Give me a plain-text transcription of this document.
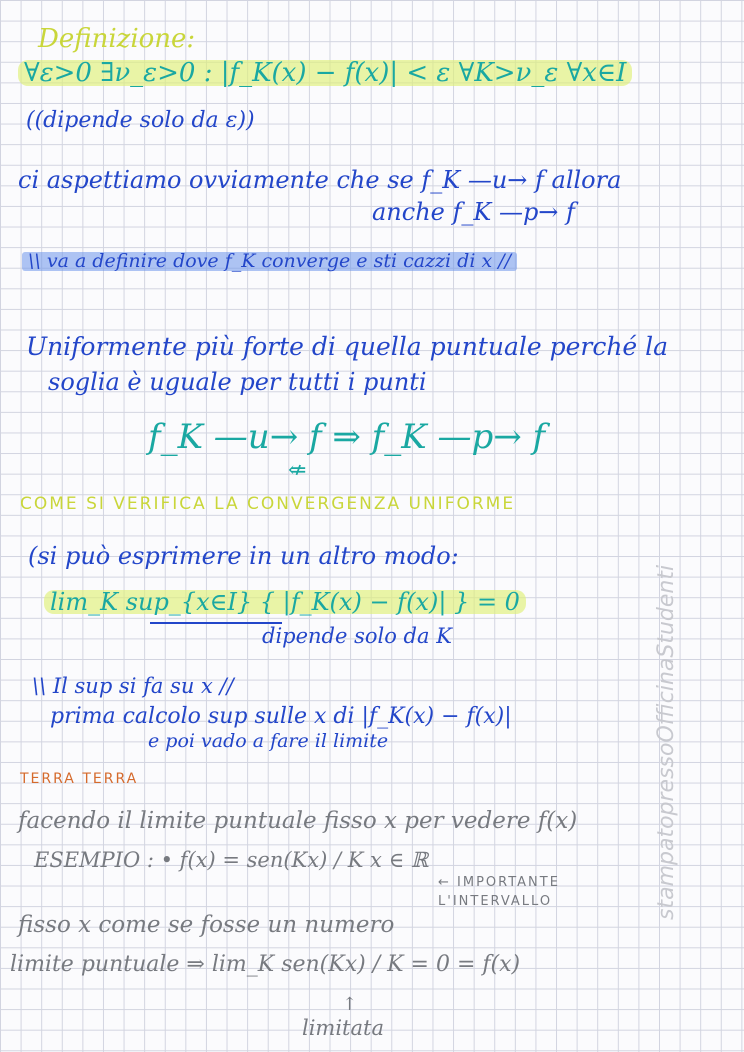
Definizione:
∀ε>0 ∃ν_ε>0 : |f_K(x) − f(x)| < ε ∀K>ν_ε ∀x∈I
((dipende solo da ε))
ci aspettiamo ovviamente che se f_K —u→ f allora
anche f_K —p→ f
\\ va a definire dove f_K converge e sti cazzi di x //
Uniformente più forte di quella puntuale perché la
soglia è uguale per tutti i punti
f_K —u→ f ⇒ f_K —p→ f
⇍
COME SI VERIFICA LA CONVERGENZA UNIFORME
(si può esprimere in un altro modo:
lim_K sup_{x∈I} { |f_K(x) − f(x)| } = 0
dipende solo da K
\\ Il sup si fa su x //
prima calcolo sup sulle x di |f_K(x) − f(x)|
e poi vado a fare il limite
TERRA TERRA
facendo il limite puntuale fisso x per vedere f(x)
ESEMPIO : • f(x) = sen(Kx) / K x ∈ ℝ
← IMPORTANTE
L'INTERVALLO
fisso x come se fosse un numero
limite puntuale ⇒ lim_K sen(Kx) / K = 0 = f(x)
↑
limitata
stampatopressoOfficinaStudenti
